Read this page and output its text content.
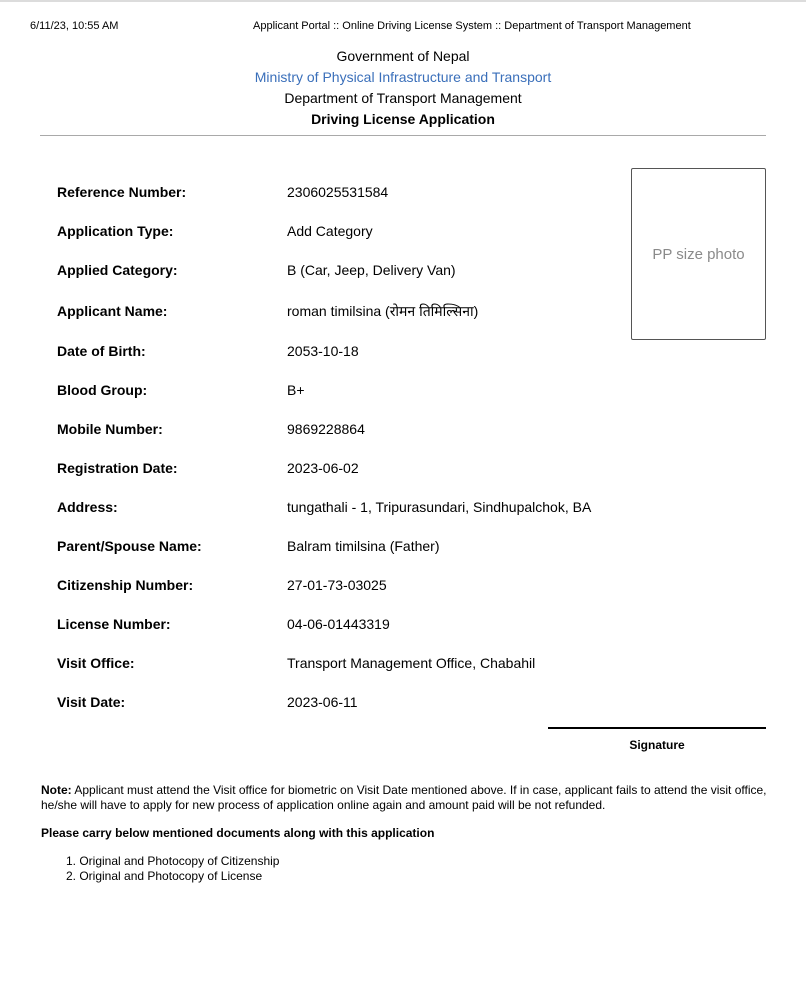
6/11/23, 10:55 AM	Applicant Portal :: Online Driving License System :: Department of Transport Management
Government of Nepal
Ministry of Physical Infrastructure and Transport
Department of Transport Management
Driving License Application
Reference Number:	2306025531584
Application Type:	Add Category
Applied Category:	B (Car, Jeep, Delivery Van)
Applicant Name:	roman timilsina (रोमन तिमिल्सिना)
Date of Birth:	2053-10-18
Blood Group:	B+
Mobile Number:	9869228864
Registration Date:	2023-06-02
Address:	tungathali - 1, Tripurasundari, Sindhupalchok, BA
Parent/Spouse Name:	Balram timilsina (Father)
Citizenship Number:	27-01-73-03025
License Number:	04-06-01443319
Visit Office:	Transport Management Office, Chabahil
Visit Date:	2023-06-11
PP size photo
Signature
Note: Applicant must attend the Visit office for biometric on Visit Date mentioned above. If in case, applicant fails to attend the visit office, he/she will have to apply for new process of application online again and amount paid will be not refunded.
Please carry below mentioned documents along with this application
1. Original and Photocopy of Citizenship
2. Original and Photocopy of License
